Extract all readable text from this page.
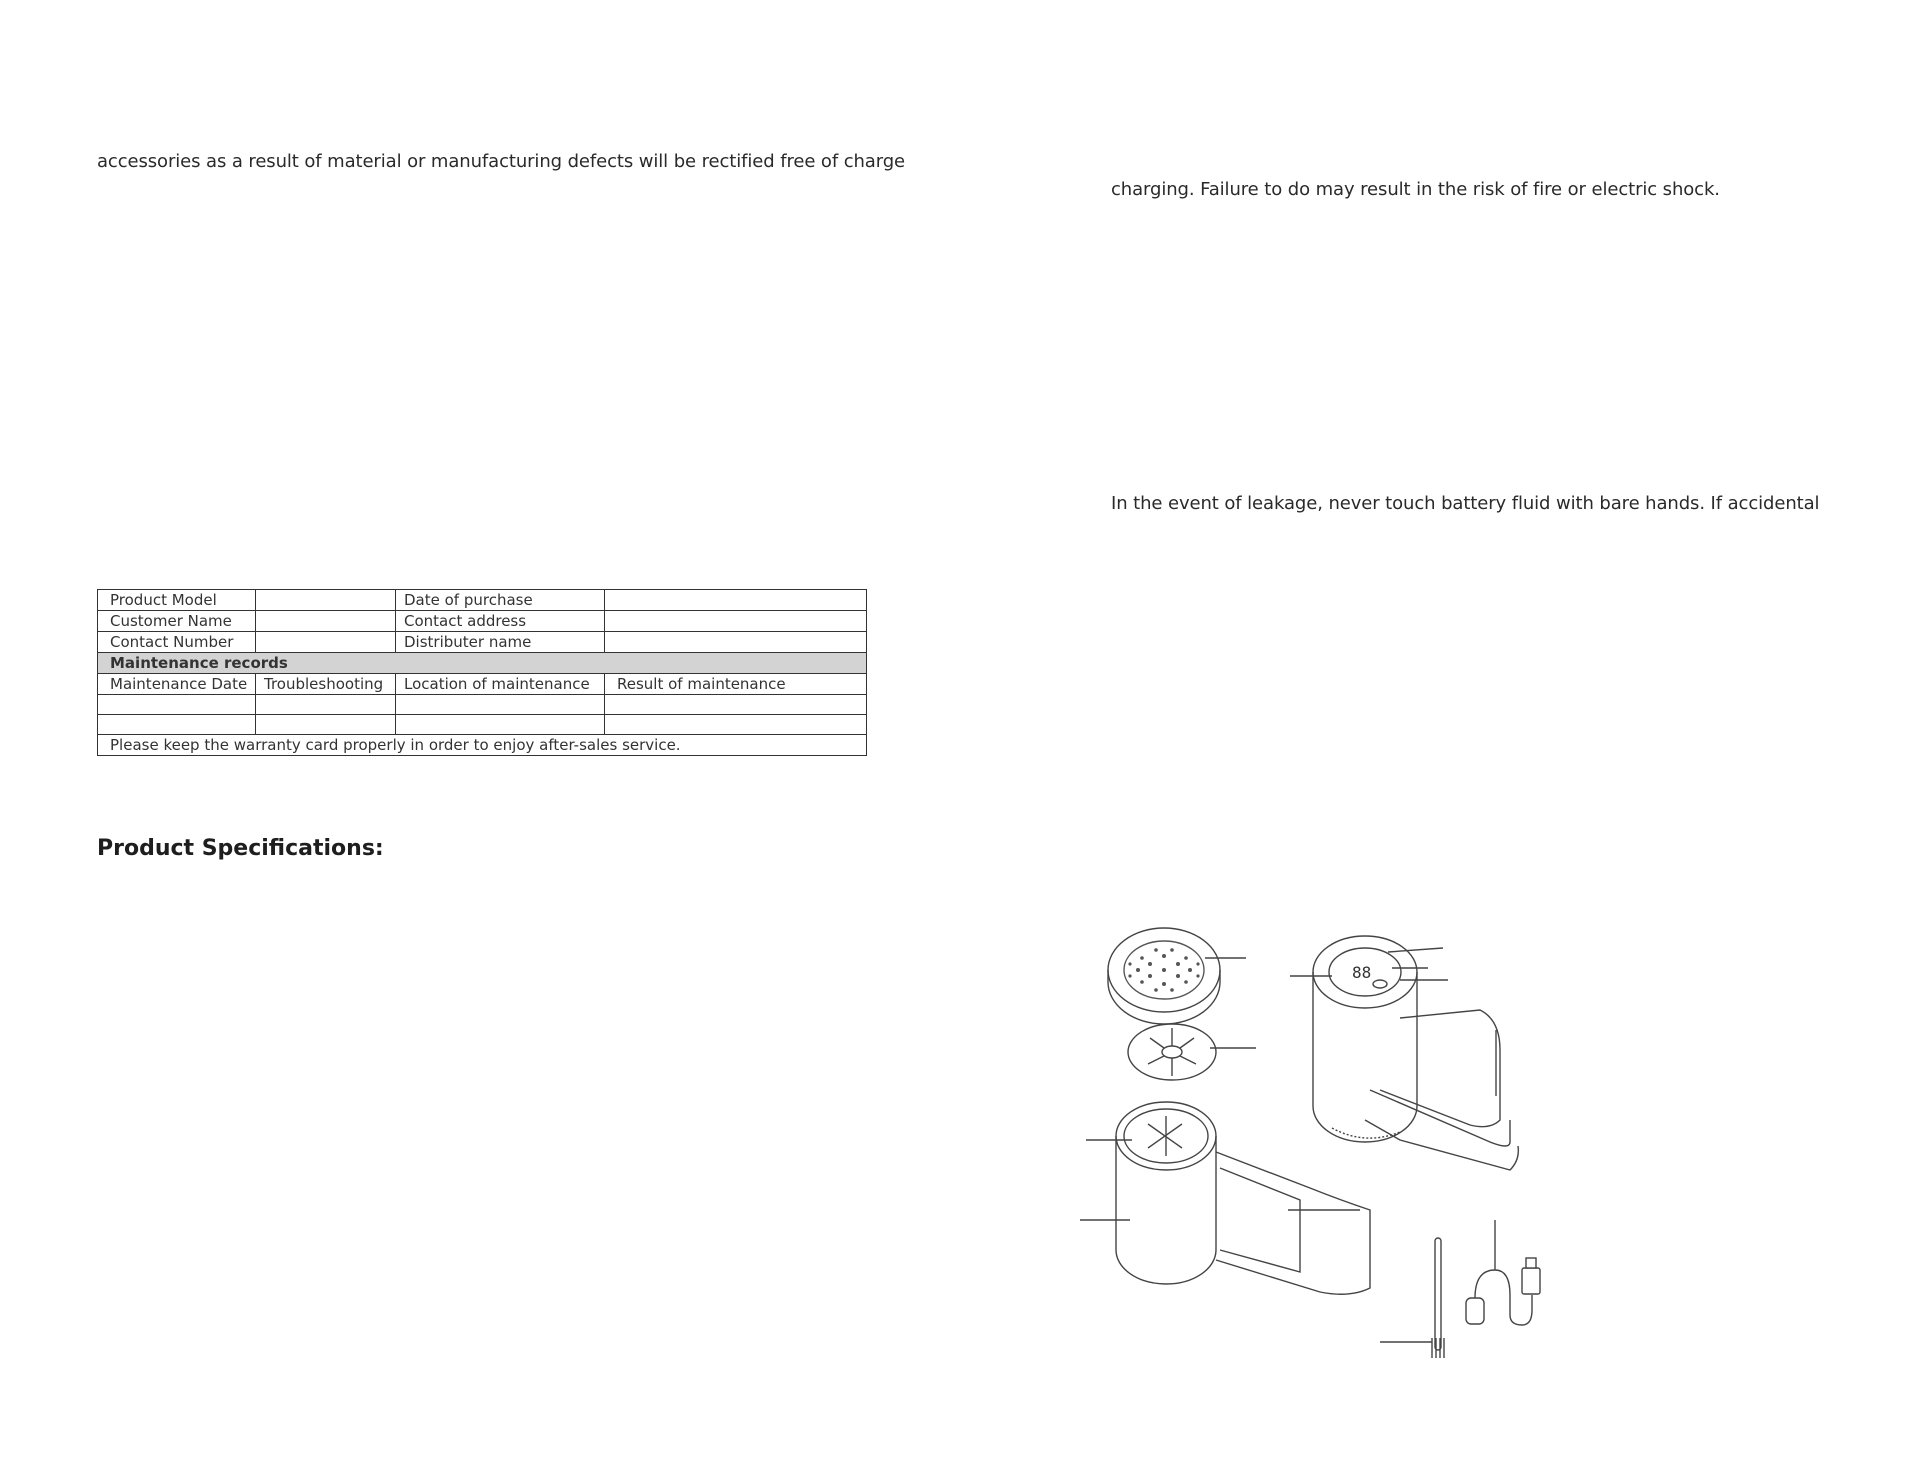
accessories as a result of material or manufacturing defects will be rectified free of charge
Product Model		Date of purchase	
Customer Name		Contact address	
Contact Number		Distributer name	
Maintenance records			
Maintenance Date	Troubleshooting	Location of maintenance	Result of maintenance

Please keep the warranty card properly in order to enjoy after-sales service.			
Product Specifications:
charging. Failure to do may result in the risk of fire or electric shock.
In the event of leakage, never touch battery fluid with bare hands. If accidental
88
